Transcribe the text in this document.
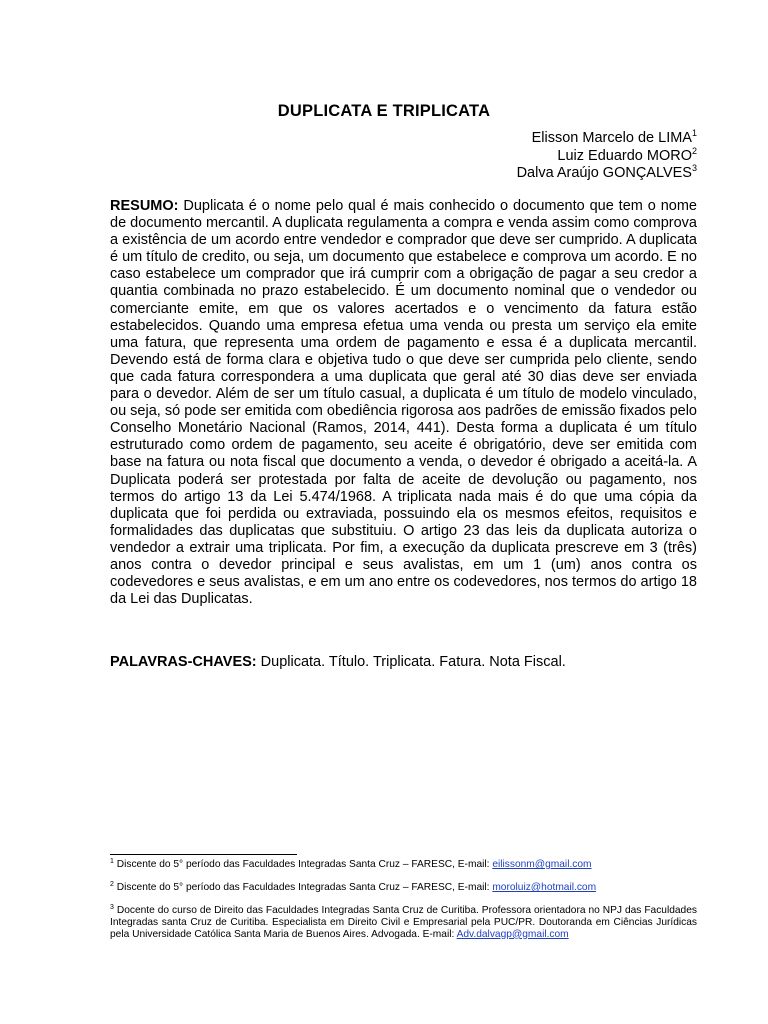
DUPLICATA E TRIPLICATA
Elisson Marcelo de LIMA$^1$
Luiz Eduardo MORO$^2$
Dalva Araújo GONÇALVES$^3$

RESUMO: Duplicata é o nome pelo qual é mais conhecido o documento que tem o nome de documento mercantil. A duplicata regulamenta a compra e venda assim como comprova a existência de um acordo entre vendedor e comprador que deve ser cumprido. A duplicata é um título de credito, ou seja, um documento que estabelece e comprova um acordo. E no caso estabelece um comprador que irá cumprir com a obrigação de pagar a seu credor a quantia combinada no prazo estabelecido. É um documento nominal que o vendedor ou comerciante emite, em que os valores acertados e o vencimento da fatura estão estabelecidos. Quando uma empresa efetua uma venda ou presta um serviço ela emite uma fatura, que representa uma ordem de pagamento e essa é a duplicata mercantil. Devendo está de forma clara e objetiva tudo o que deve ser cumprida pelo cliente, sendo que cada fatura correspondera a uma duplicata que geral até 30 dias deve ser enviada para o devedor. Além de ser um título casual, a duplicata é um título de modelo vinculado, ou seja, só pode ser emitida com obediência rigorosa aos padrões de emissão fixados pelo Conselho Monetário Nacional (Ramos, 2014, 441). Desta forma a duplicata é um título estruturado como ordem de pagamento, seu aceite é obrigatório, deve ser emitida com base na fatura ou nota fiscal que documento a venda, o devedor é obrigado a aceitá-la. A Duplicata poderá ser protestada por falta de aceite de devolução ou pagamento, nos termos do artigo 13 da Lei 5.474/1968. A triplicata nada mais é do que uma cópia da duplicata que foi perdida ou extraviada, possuindo ela os mesmos efeitos, requisitos e formalidades das duplicatas que substituiu. O artigo 23 das leis da duplicata autoriza o vendedor a extrair uma triplicata. Por fim, a execução da duplicata prescreve em 3 (três) anos contra o devedor principal e seus avalistas, em um 1 (um) anos contra os codevedores e seus avalistas, e em um ano entre os codevedores, nos termos do artigo 18 da Lei das Duplicatas.

PALAVRAS-CHAVES: Duplicata. Título. Triplicata. Fatura. Nota Fiscal.

$^1$ Discente do 5° período das Faculdades Integradas Santa Cruz – FARESC, E-mail: eilissonm@gmail.com

$^2$ Discente do 5° período das Faculdades Integradas Santa Cruz – FARESC, E-mail: moroluiz@hotmail.com

$^3$ Docente do curso de Direito das Faculdades Integradas Santa Cruz de Curitiba. Professora orientadora no NPJ das Faculdades Integradas santa Cruz de Curitiba. Especialista em Direito Civil e Empresarial pela PUC/PR. Doutoranda em Ciências Jurídicas pela Universidade Católica Santa Maria de Buenos Aires. Advogada. E-mail: Adv.dalvagp@gmail.com
